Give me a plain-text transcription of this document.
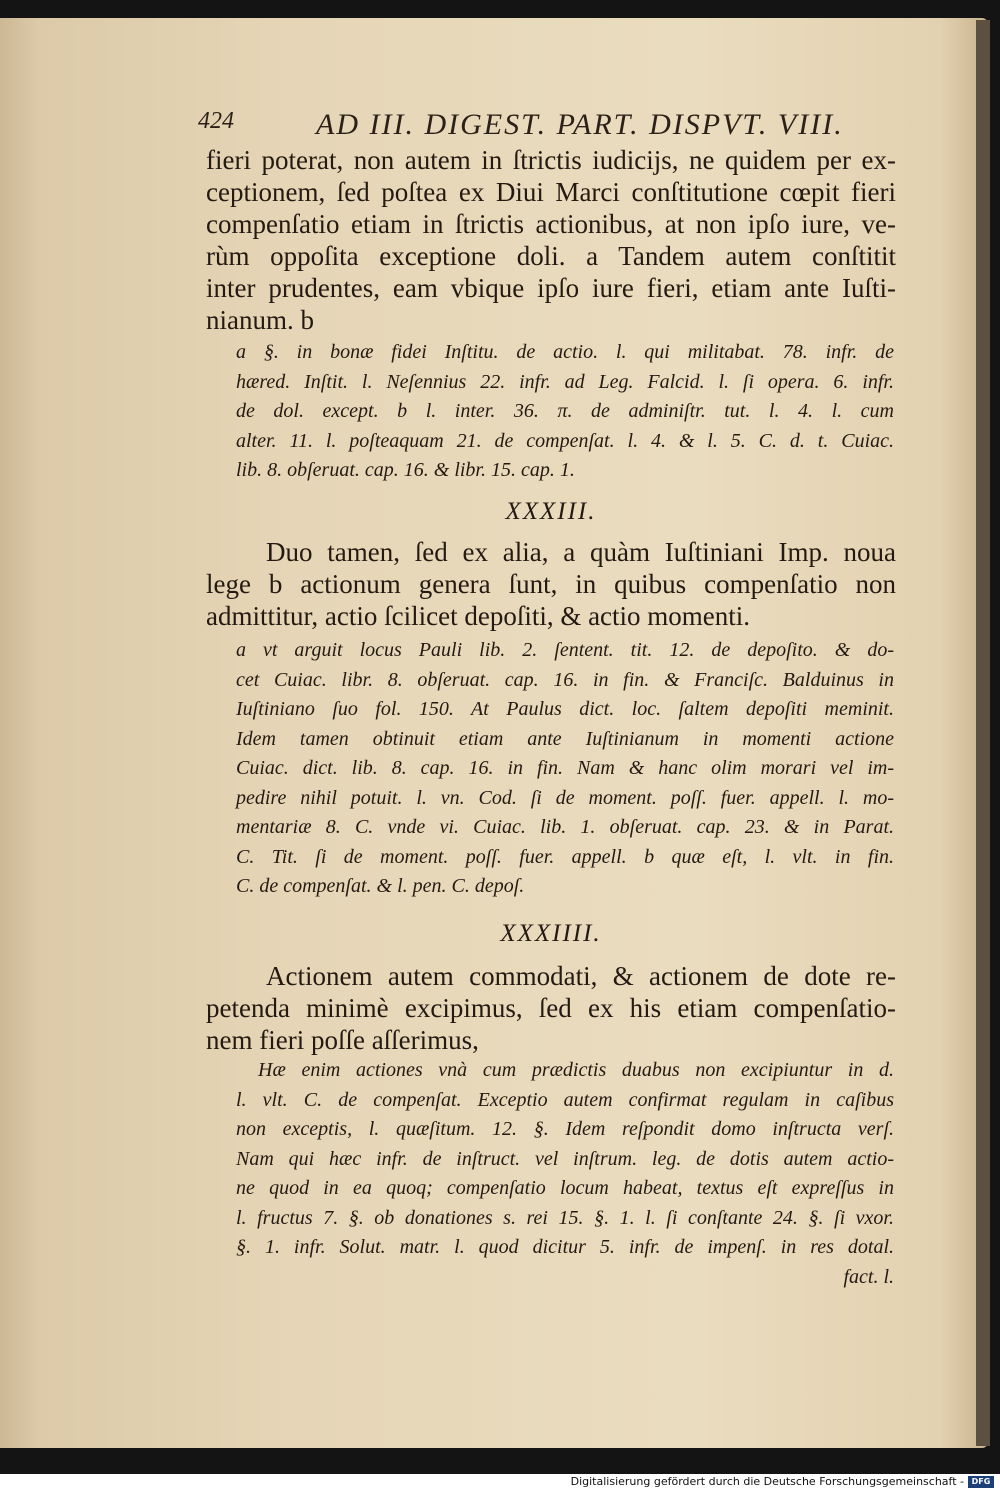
424	AD III. DIGEST. PART. DISPVT. VIII.
fieri poterat, non autem in ſtrictis iudicijs, ne quidem per ex-
ceptionem, ſed poſtea ex Diui Marci conſtitutione cœpit fieri
compenſatio etiam in ſtrictis actionibus, at non ipſo iure, ve-
rùm oppoſita exceptione doli. a Tandem autem conſtitit
inter prudentes, eam vbique ipſo iure fieri, etiam ante Iuſti-
nianum. b
a §. in bonæ fidei Inſtitu. de actio. l. qui militabat. 78. infr. de
hæred. Inſtit. l. Neſennius 22. infr. ad Leg. Falcid. l. ſi opera. 6. infr.
de dol. except. b l. inter. 36. π. de adminiſtr. tut. l. 4. l. cum
alter. 11. l. poſteaquam 21. de compenſat. l. 4. & l. 5. C. d. t. Cuiac.
lib. 8. obſeruat. cap. 16. & libr. 15. cap. 1.
XXXIII.
Duo tamen, ſed ex alia, a quàm Iuſtiniani Imp. noua
lege b actionum genera ſunt, in quibus compenſatio non
admittitur, actio ſcilicet depoſiti, & actio momenti.
a vt arguit locus Pauli lib. 2. ſentent. tit. 12. de depoſito. & do-
cet Cuiac. libr. 8. obſeruat. cap. 16. in fin. & Franciſc. Balduinus in
Iuſtiniano ſuo fol. 150. At Paulus dict. loc. ſaltem depoſiti meminit.
Idem tamen obtinuit etiam ante Iuſtinianum in momenti actione
Cuiac. dict. lib. 8. cap. 16. in fin. Nam & hanc olim morari vel im-
pedire nihil potuit. l. vn. Cod. ſi de moment. poſſ. fuer. appell. l. mo-
mentariæ 8. C. vnde vi. Cuiac. lib. 1. obſeruat. cap. 23. & in Parat.
C. Tit. ſi de moment. poſſ. fuer. appell. b quæ eſt, l. vlt. in fin.
C. de compenſat. & l. pen. C. depoſ.
XXXIIII.
Actionem autem commodati, & actionem de dote re-
petenda minimè excipimus, ſed ex his etiam compenſatio-
nem fieri poſſe aſſerimus,
Hæ enim actiones vnà cum prædictis duabus non excipiuntur in d.
l. vlt. C. de compenſat. Exceptio autem confirmat regulam in caſibus
non exceptis, l. quæſitum. 12. §. Idem reſpondit domo inſtructa verſ.
Nam qui hæc infr. de inſtruct. vel inſtrum. leg. de dotis autem actio-
ne quod in ea quoq; compenſatio locum habeat, textus eſt expreſſus in
l. fructus 7. §. ob donationes s. rei 15. §. 1. l. ſi conſtante 24. §. ſi vxor.
§. 1. infr. Solut. matr. l. quod dicitur 5. infr. de impenſ. in res dotal.
fact. l.
Digitalisierung gefördert durch die Deutsche Forschungsgemeinschaft - DFG
